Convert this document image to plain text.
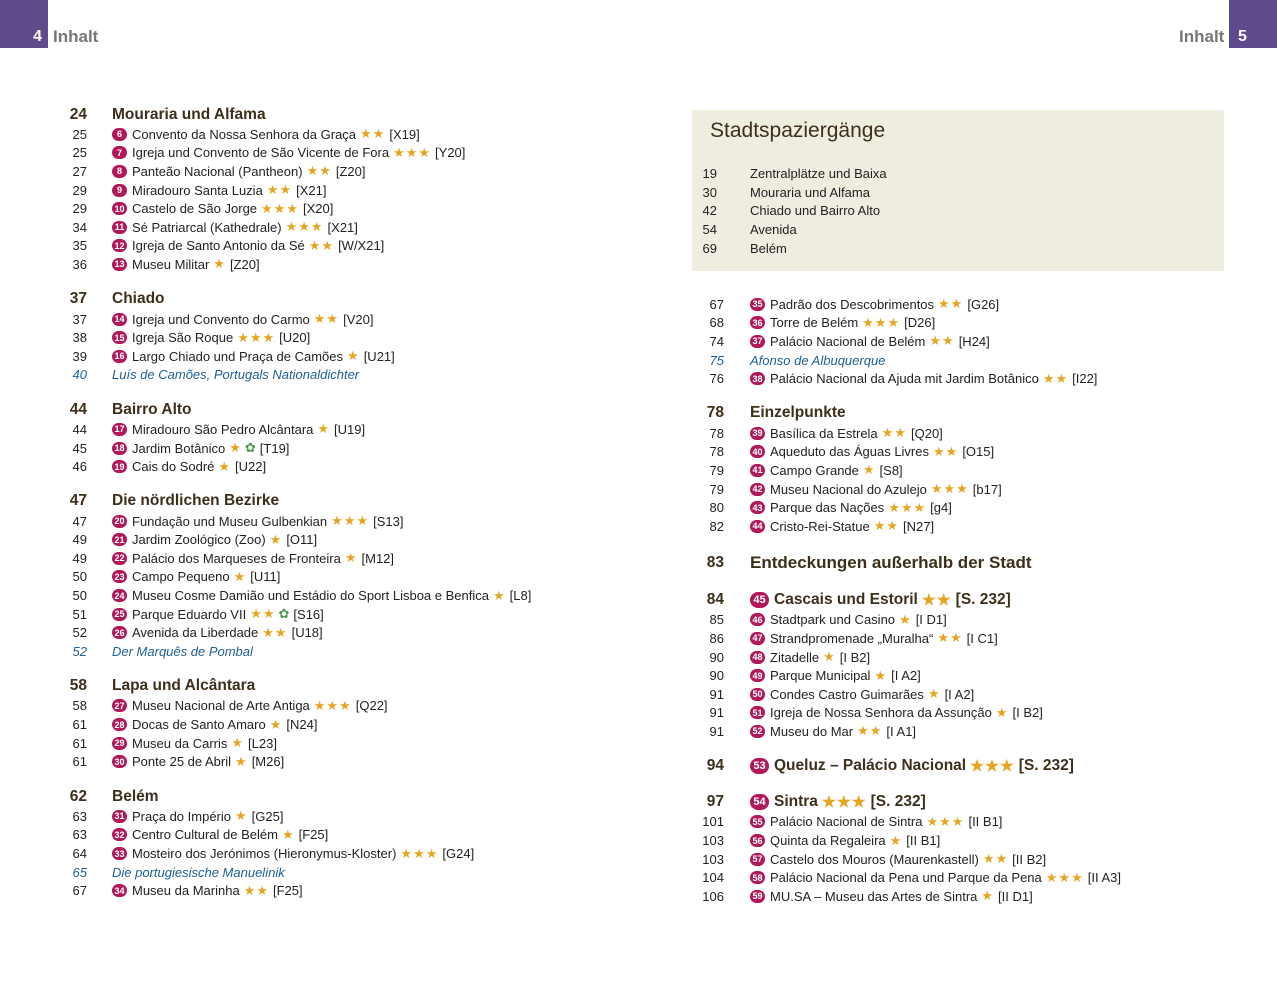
4 Inhalt	Inhalt 5
Stadtspaziergänge
19	Zentralplätze und Baixa
30	Mouraria und Alfama
42	Chiado und Bairro Alto
54	Avenida
69	Belém
24 Mouraria und Alfama
25	6 Convento da Nossa Senhora da Graça ★★ [X19]
25	7 Igreja und Convento de São Vicente de Fora ★★★ [Y20]
27	8 Panteão Nacional (Pantheon) ★★ [Z20]
29	9 Miradouro Santa Luzia ★★ [X21]
29	10 Castelo de São Jorge ★★★ [X20]
34	11 Sé Patriarcal (Kathedrale) ★★★ [X21]
35	12 Igreja de Santo Antonio da Sé ★★ [W/X21]
36	13 Museu Militar ★ [Z20]
37 Chiado
37	14 Igreja und Convento do Carmo ★★ [V20]
38	15 Igreja São Roque ★★★ [U20]
39	16 Largo Chiado und Praça de Camões ★ [U21]
40 Luís de Camões, Portugals Nationaldichter
44 Bairro Alto
44	17 Miradouro São Pedro Alcântara ★ [U19]
45	18 Jardim Botânico ★ ✿ [T19]
46	19 Cais do Sodré ★ [U22]
47 Die nördlichen Bezirke
47	20 Fundação und Museu Gulbenkian ★★★ [S13]
49	21 Jardim Zoológico (Zoo) ★ [O11]
49	22 Palácio dos Marqueses de Fronteira ★ [M12]
50	23 Campo Pequeno ★ [U11]
50	24 Museu Cosme Damião und Estádio do Sport Lisboa e Benfica ★ [L8]
51	25 Parque Eduardo VII ★★ ✿ [S16]
52	26 Avenida da Liberdade ★★ [U18]
52 Der Marquês de Pombal
58 Lapa und Alcântara
58	27 Museu Nacional de Arte Antiga ★★★ [Q22]
61	28 Docas de Santo Amaro ★ [N24]
61	29 Museu da Carris ★ [L23]
61	30 Ponte 25 de Abril ★ [M26]
62 Belém
63	31 Praça do Império ★ [G25]
63	32 Centro Cultural de Belém ★ [F25]
64	33 Mosteiro dos Jerónimos (Hieronymus-Kloster) ★★★ [G24]
65 Die portugiesische Manuelinik
67	34 Museu da Marinha ★★ [F25]
67	35 Padrão dos Descobrimentos ★★ [G26]
68	36 Torre de Belém ★★★ [D26]
74	37 Palácio Nacional de Belém ★★ [H24]
75 Afonso de Albuquerque
76	38 Palácio Nacional da Ajuda mit Jardim Botânico ★★ [I22]
78 Einzelpunkte
78	39 Basílica da Estrela ★★ [Q20]
78	40 Aqueduto das Águas Livres ★★ [O15]
79	41 Campo Grande ★ [S8]
79	42 Museu Nacional do Azulejo ★★★ [b17]
80	43 Parque das Nações ★★★ [g4]
82	44 Cristo-Rei-Statue ★★ [N27]
83 Entdeckungen außerhalb der Stadt
84	45 Cascais und Estoril ★★ [S. 232]
85	46 Stadtpark und Casino ★ [I D1]
86	47 Strandpromenade „Muralha“ ★★ [I C1]
90	48 Zitadelle ★ [I B2]
90	49 Parque Municipal ★ [I A2]
91	50 Condes Castro Guimarães ★ [I A2]
91	51 Igreja de Nossa Senhora da Assunção ★ [I B2]
91	52 Museu do Mar ★★ [I A1]
94	53 Queluz – Palácio Nacional ★★★ [S. 232]
97	54 Sintra ★★★ [S. 232]
101	55 Palácio Nacional de Sintra ★★★ [II B1]
103	56 Quinta da Regaleira ★ [II B1]
103	57 Castelo dos Mouros (Maurenkastell) ★★ [II B2]
104	58 Palácio Nacional da Pena und Parque da Pena ★★★ [II A3]
106	59 MU.SA – Museu das Artes de Sintra ★ [II D1]
